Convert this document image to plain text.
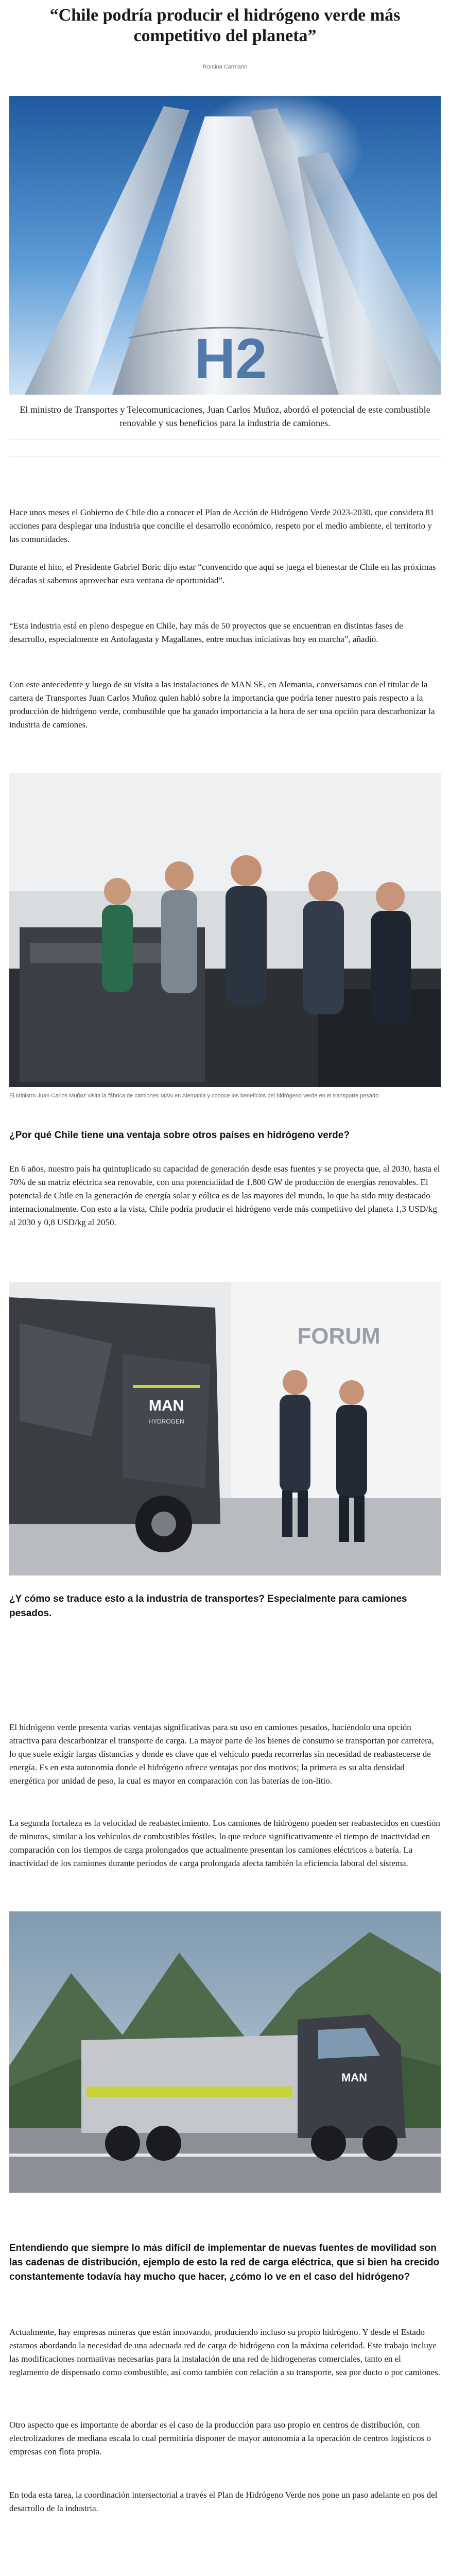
“Chile podría producir el hidrógeno verde más competitivo del planeta”
Romina Carmann
H2
El ministro de Transportes y Telecomunicaciones, Juan Carlos Muñoz, abordó el potencial de este combustible renovable y sus beneficios para la industria de camiones.
Hace unos meses el Gobierno de Chile dio a conocer el Plan de Acción de Hidrógeno Verde 2023-2030, que considera 81 acciones para desplegar una industria que concilie el desarrollo económico, respeto por el medio ambiente, el territorio y las comunidades.
Durante el hito, el Presidente Gabriel Boric dijo estar “convencido que aquí se juega el bienestar de Chile en las próximas décadas si sabemos aprovechar esta ventana de oportunidad”.
“Esta industria está en pleno despegue en Chile, hay más de 50 proyectos que se encuentran en distintas fases de desarrollo, especialmente en Antofagasta y Magallanes, entre muchas iniciativas hoy en marcha”, añadió.
Con este antecedente y luego de su visita a las instalaciones de MAN SE, en Alemania, conversamos con el titular de la cartera de Transportes Juan Carlos Muñoz quien habló sobre la importancia que podría tener nuestro país respecto a la producción de hidrógeno verde, combustible que ha ganado importancia a la hora de ser una opción para descarbonizar la industria de camiones.
El Ministro Juan Carlos Muñoz visita la fábrica de camiones MAN en Alemania y conoce los beneficios del hidrógeno verde en el transporte pesado.
¿Por qué Chile tiene una ventaja sobre otros países en hidrógeno verde?
En 6 años, nuestro país ha quintuplicado su capacidad de generación desde esas fuentes y se proyecta que, al 2030, hasta el 70% de su matriz eléctrica sea renovable, con una potencialidad de 1.800 GW de producción de energías renovables. El potencial de Chile en la generación de energía solar y eólica es de las mayores del mundo, lo que ha sido muy destacado internacionalmente. Con esto a la vista, Chile podría producir el hidrógeno verde más competitivo del planeta 1,3 USD/kg al 2030 y 0,8 USD/kg al 2050.
MAN
HYDROGEN
FORUM
¿Y cómo se traduce esto a la industria de transportes? Especialmente para camiones pesados.
El hidrógeno verde presenta varias ventajas significativas para su uso en camiones pesados, haciéndolo una opción atractiva para descarbonizar el transporte de carga. La mayor parte de los bienes de consumo se transportan por carretera, lo que suele exigir largas distancias y donde es clave que el vehículo pueda recorrerlas sin necesidad de reabastecerse de energía. Es en esta autonomía donde el hidrógeno ofrece ventajas por dos motivos; la primera es su alta densidad energética por unidad de peso, la cual es mayor en comparación con las baterías de ion-litio.
La segunda fortaleza es la velocidad de reabastecimiento. Los camiones de hidrógeno pueden ser reabastecidos en cuestión de minutos, similar a los vehículos de combustibles fósiles, lo que reduce significativamente el tiempo de inactividad en comparación con los tiempos de carga prolongados que actualmente presentan los camiones eléctricos a batería. La inactividad de los camiones durante periodos de carga prolongada afecta también la eficiencia laboral del sistema.
MAN
Entendiendo que siempre lo más difícil de implementar de nuevas fuentes de movilidad son las cadenas de distribución, ejemplo de esto la red de carga eléctrica, que si bien ha crecido constantemente todavía hay mucho que hacer, ¿cómo lo ve en el caso del hidrógeno?
Actualmente, hay empresas mineras que están innovando, produciendo incluso su propio hidrógeno. Y desde el Estado estamos abordando la necesidad de una adecuada red de carga de hidrógeno con la máxima celeridad. Este trabajo incluye las modificaciones normativas necesarias para la instalación de una red de hidrogeneras comerciales, tanto en el reglamento de dispensado como combustible, así como también con relación a su transporte, sea por ducto o por camiones.
Otro aspecto que es importante de abordar es el caso de la producción para uso propio en centros de distribución, con electrolizadores de mediana escala lo cual permitiría disponer de mayor autonomía a la operación de centros logísticos o empresas con flota propia.
En toda esta tarea, la coordinación intersectorial a través el Plan de Hidrógeno Verde nos pone un paso adelante en pos del desarrollo de la industria.
